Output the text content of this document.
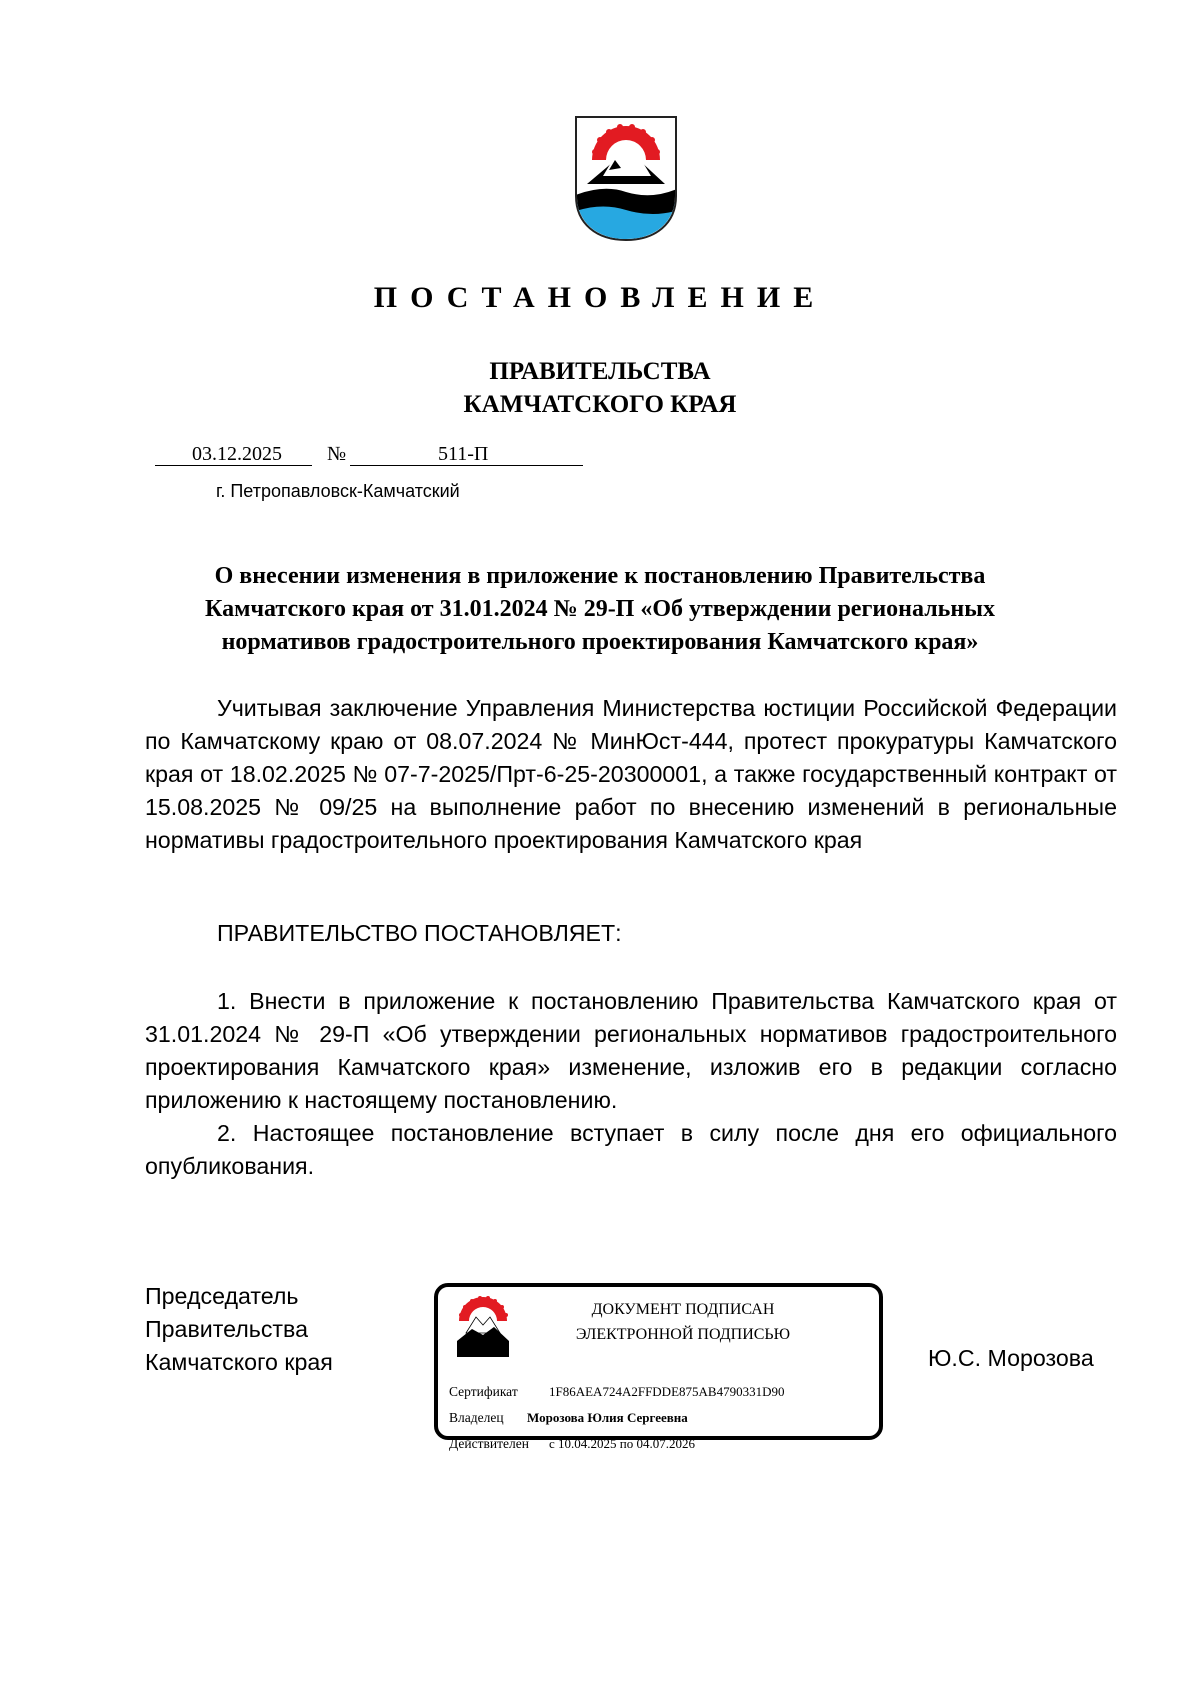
ПОСТАНОВЛЕНИЕ
ПРАВИТЕЛЬСТВА
КАМЧАТСКОГО КРАЯ
03.12.2025 №	511-П
г. Петропавловск-Камчатский
О внесении изменения в приложение к постановлению Правительства
Камчатского края от 31.01.2024 № 29-П «Об утверждении региональных
нормативов градостроительного проектирования Камчатского края»

Учитывая заключение Управления Министерства юстиции Российской Федерации по Камчатскому краю от 08.07.2024 № МинЮст-444, протест прокуратуры Камчатского края от 18.02.2025 № 07-7-2025/Прт-6-25-20300001, а также государственный контракт от 15.08.2025 № 09/25 на выполнение работ по внесению изменений в региональные нормативы градостроительного проектирования Камчатского края

ПРАВИТЕЛЬСТВО ПОСТАНОВЛЯЕТ:

1. Внести в приложение к постановлению Правительства Камчатского края от 31.01.2024 № 29-П «Об утверждении региональных нормативов градостроительного проектирования Камчатского края» изменение, изложив его в редакции согласно приложению к настоящему постановлению.

2. Настоящее постановление вступает в силу после дня его официального опубликования.

Председатель
Правительства
Камчатского края
ДОКУМЕНТ ПОДПИСАН
ЭЛЕКТРОННОЙ ПОДПИСЬЮ
Сертификат 1F86AEA724A2FFDDE875AB4790331D90
Владелец Морозова Юлия Сергеевна
Действителен с 10.04.2025 по 04.07.2026
Ю.С. Морозова
